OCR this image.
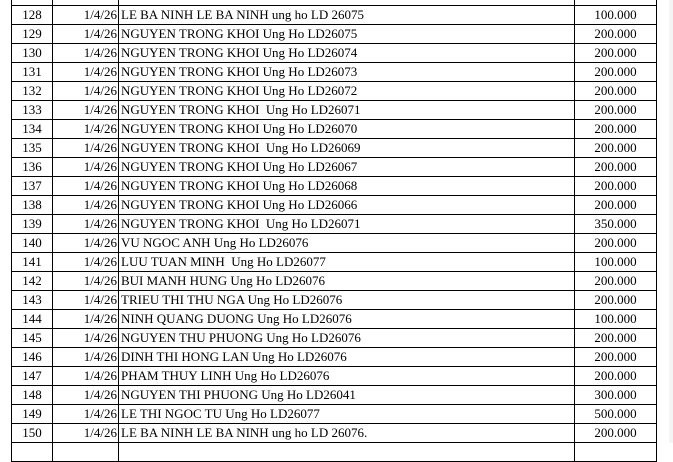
128	1/4/26	LE BA NINH LE BA NINH ung ho LD 26075	100.000
129	1/4/26	NGUYEN TRONG KHOI Ung Ho LD26075	200.000
130	1/4/26	NGUYEN TRONG KHOI Ung Ho LD26074	200.000
131	1/4/26	NGUYEN TRONG KHOI Ung Ho LD26073	200.000
132	1/4/26	NGUYEN TRONG KHOI Ung Ho LD26072	200.000
133	1/4/26	NGUYEN TRONG KHOI  Ung Ho LD26071	200.000
134	1/4/26	NGUYEN TRONG KHOI Ung Ho LD26070	200.000
135	1/4/26	NGUYEN TRONG KHOI  Ung Ho LD26069	200.000
136	1/4/26	NGUYEN TRONG KHOI Ung Ho LD26067	200.000
137	1/4/26	NGUYEN TRONG KHOI Ung Ho LD26068	200.000
138	1/4/26	NGUYEN TRONG KHOI Ung Ho LD26066	200.000
139	1/4/26	NGUYEN TRONG KHOI  Ung Ho LD26071	350.000
140	1/4/26	VU NGOC ANH Ung Ho LD26076	200.000
141	1/4/26	LUU TUAN MINH  Ung Ho LD26077	100.000
142	1/4/26	BUI MANH HUNG Ung Ho LD26076	200.000
143	1/4/26	TRIEU THI THU NGA Ung Ho LD26076	200.000
144	1/4/26	NINH QUANG DUONG Ung Ho LD26076	100.000
145	1/4/26	NGUYEN THU PHUONG Ung Ho LD26076	200.000
146	1/4/26	DINH THI HONG LAN Ung Ho LD26076	200.000
147	1/4/26	PHAM THUY LINH Ung Ho LD26076	200.000
148	1/4/26	NGUYEN THI PHUONG Ung Ho LD26041	300.000
149	1/4/26	LE THI NGOC TU Ung Ho LD26077	500.000
150	1/4/26	LE BA NINH LE BA NINH ung ho LD 26076.	200.000
